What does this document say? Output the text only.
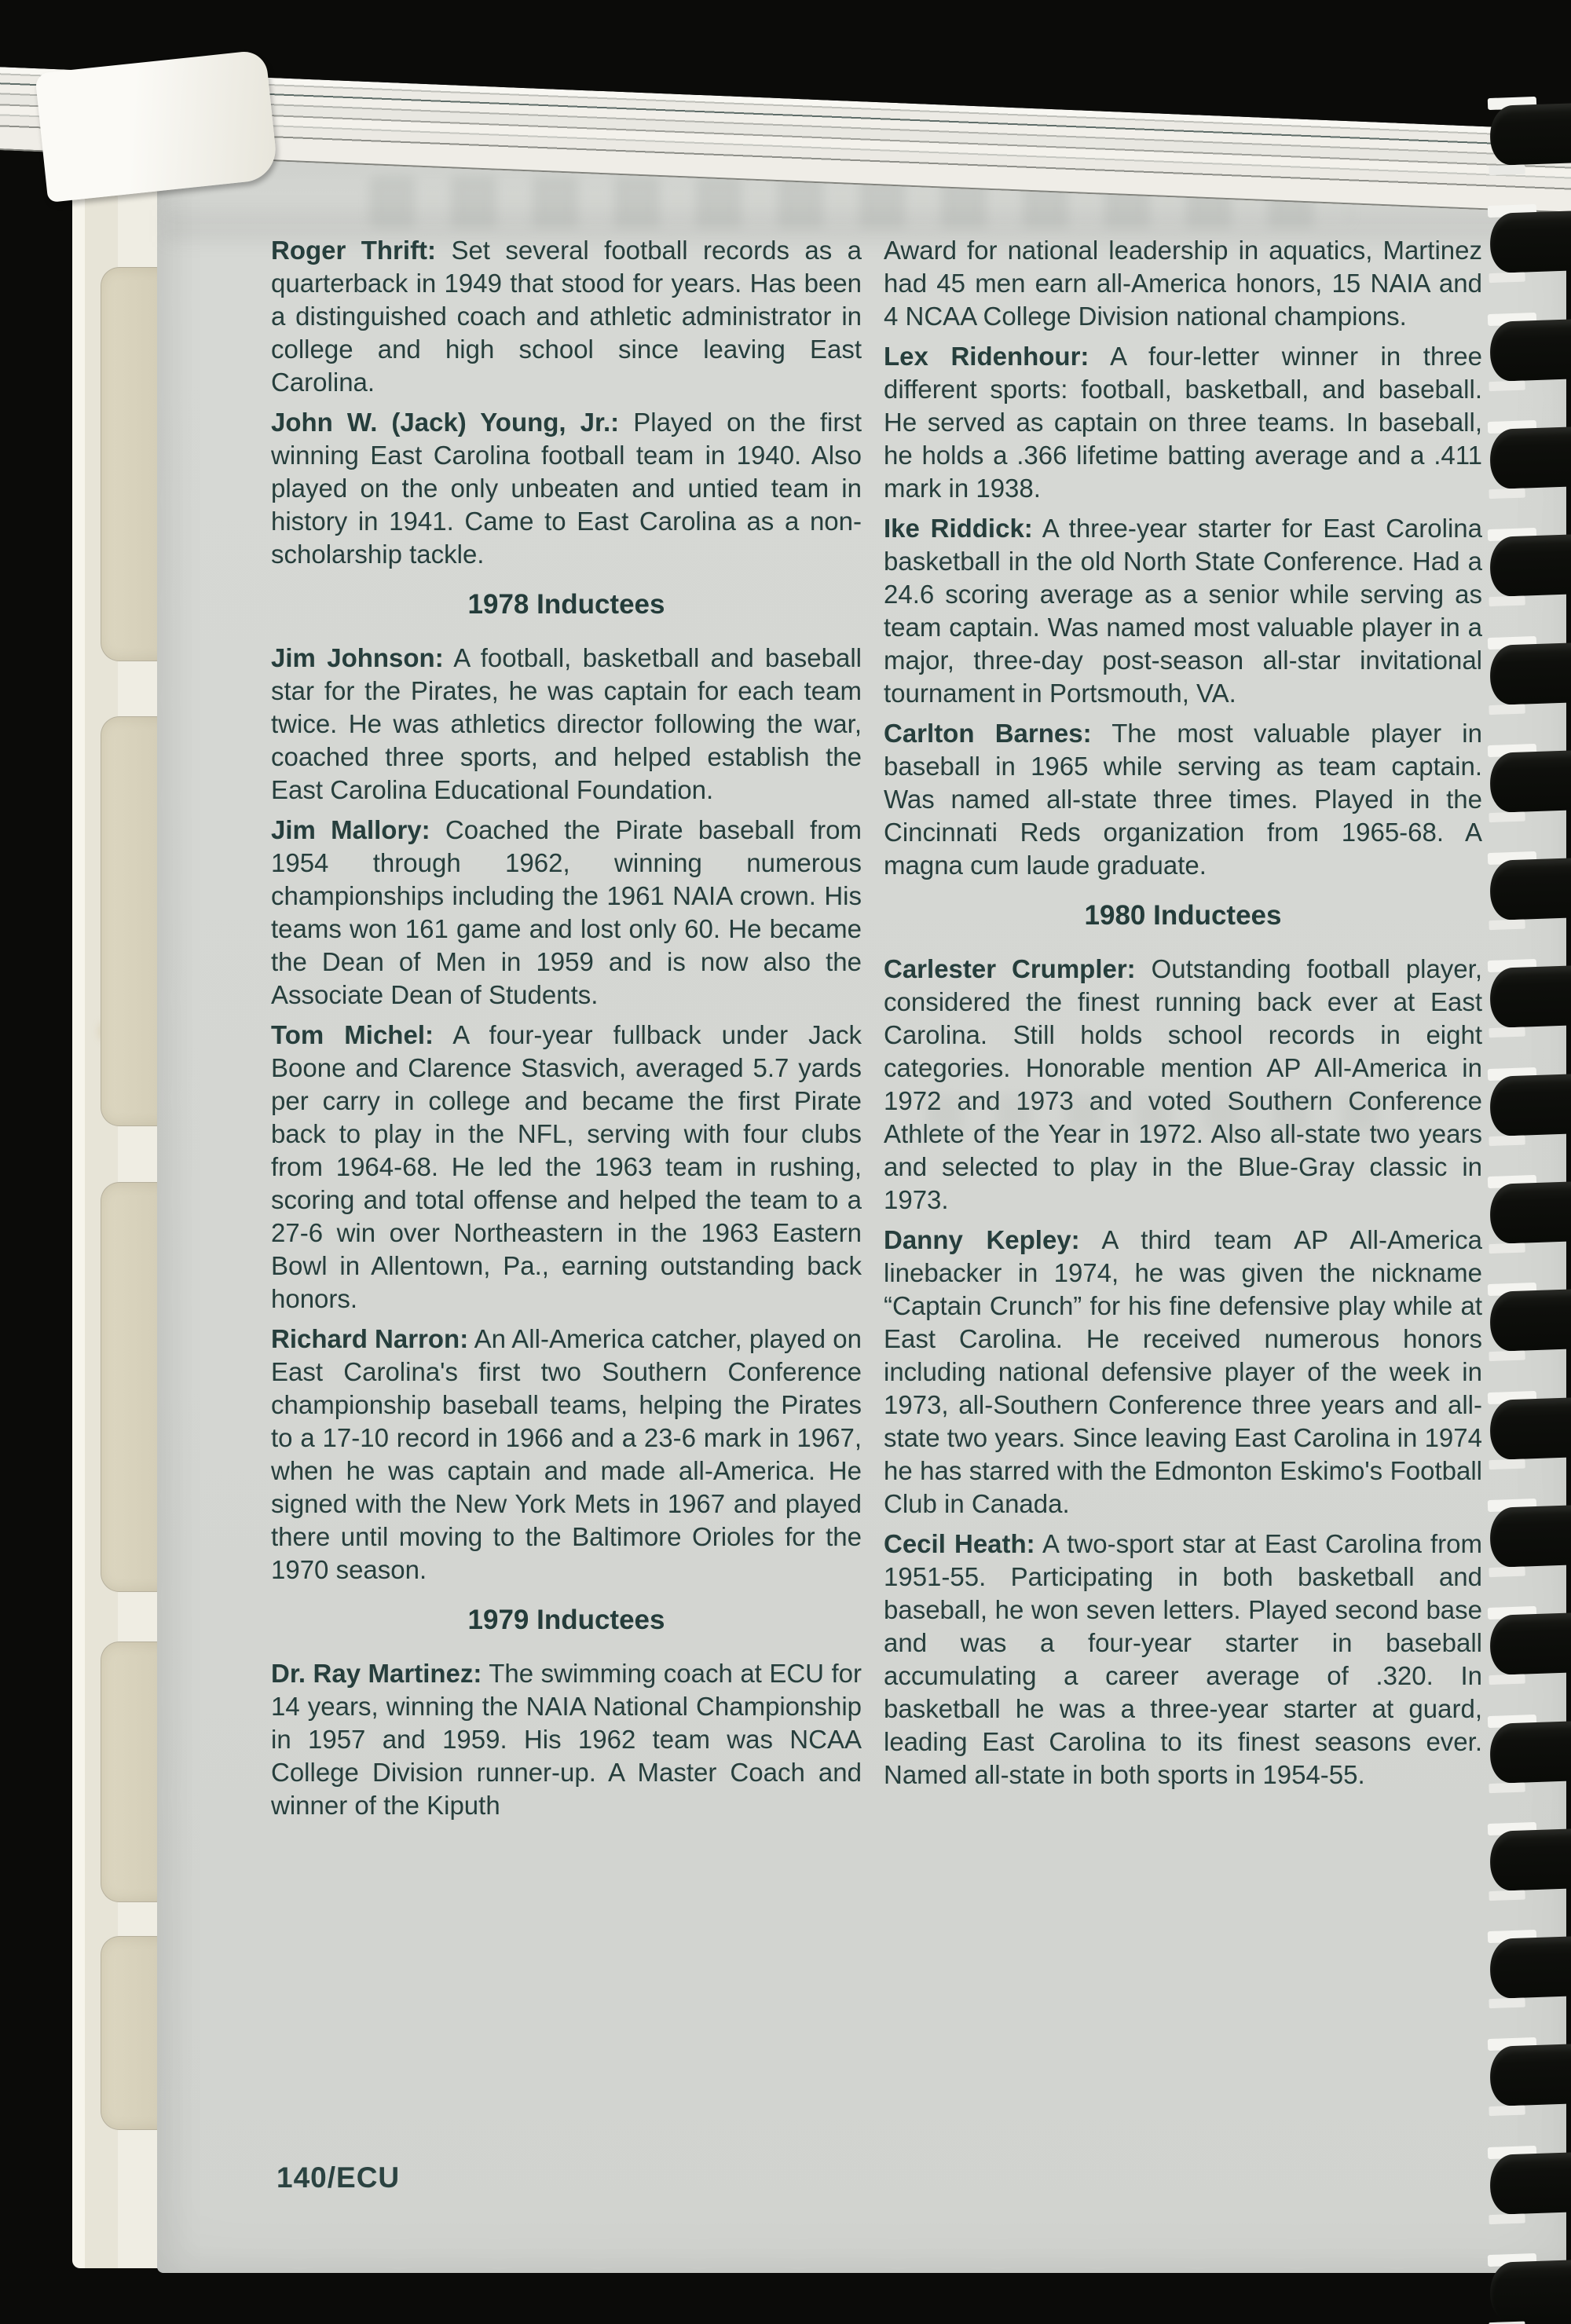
Roger Thrift: Set several football records as a quarterback in 1949 that stood for years. Has been a distinguished coach and athletic administrator in college and high school since leaving East Carolina.

John W. (Jack) Young, Jr.: Played on the first winning East Carolina football team in 1940. Also played on the only unbeaten and untied team in history in 1941. Came to East Carolina as a non-scholarship tackle.

1978 Inductees

Jim Johnson: A football, basketball and baseball star for the Pirates, he was captain for each team twice. He was athletics director following the war, coached three sports, and helped establish the East Carolina Educational Foundation.

Jim Mallory: Coached the Pirate baseball from 1954 through 1962, winning numerous championships including the 1961 NAIA crown. His teams won 161 game and lost only 60. He became the Dean of Men in 1959 and is now also the Associate Dean of Students.

Tom Michel: A four-year fullback under Jack Boone and Clarence Stasvich, averaged 5.7 yards per carry in college and became the first Pirate back to play in the NFL, serving with four clubs from 1964-68. He led the 1963 team in rushing, scoring and total offense and helped the team to a 27-6 win over Northeastern in the 1963 Eastern Bowl in Allentown, Pa., earning outstanding back honors.

Richard Narron: An All-America catcher, played on East Carolina's first two Southern Conference championship baseball teams, helping the Pirates to a 17-10 record in 1966 and a 23-6 mark in 1967, when he was captain and made all-America. He signed with the New York Mets in 1967 and played there until moving to the Baltimore Orioles for the 1970 season.

1979 Inductees

Dr. Ray Martinez: The swimming coach at ECU for 14 years, winning the NAIA National Championship in 1957 and 1959. His 1962 team was NCAA College Division runner-up. A Master Coach and winner of the Kiputh

Award for national leadership in aquatics, Martinez had 45 men earn all-America honors, 15 NAIA and 4 NCAA College Division national champions.

Lex Ridenhour: A four-letter winner in three different sports: football, basketball, and baseball. He served as captain on three teams. In baseball, he holds a .366 lifetime batting average and a .411 mark in 1938.

Ike Riddick: A three-year starter for East Carolina basketball in the old North State Conference. Had a 24.6 scoring average as a senior while serving as team captain. Was named most valuable player in a major, three-day post-season all-star invitational tournament in Portsmouth, VA.

Carlton Barnes: The most valuable player in baseball in 1965 while serving as team captain. Was named all-state three times. Played in the Cincinnati Reds organization from 1965-68. A magna cum laude graduate.

1980 Inductees

Carlester Crumpler: Outstanding football player, considered the finest running back ever at East Carolina. Still holds school records in eight categories. Honorable mention AP All-America in 1972 and 1973 and voted Southern Conference Athlete of the Year in 1972. Also all-state two years and selected to play in the Blue-Gray classic in 1973.

Danny Kepley: A third team AP All-America linebacker in 1974, he was given the nickname “Captain Crunch” for his fine defensive play while at East Carolina. He received numerous honors including national defensive player of the week in 1973, all-Southern Conference three years and all-state two years. Since leaving East Carolina in 1974 he has starred with the Edmonton Eskimo's Football Club in Canada.

Cecil Heath: A two-sport star at East Carolina from 1951-55. Participating in both basketball and baseball, he won seven letters. Played second base and was a four-year starter in baseball accumulating a career average of .320. In basketball he was a three-year starter at guard, leading East Carolina to its finest seasons ever. Named all-state in both sports in 1954-55.

140/ECU
